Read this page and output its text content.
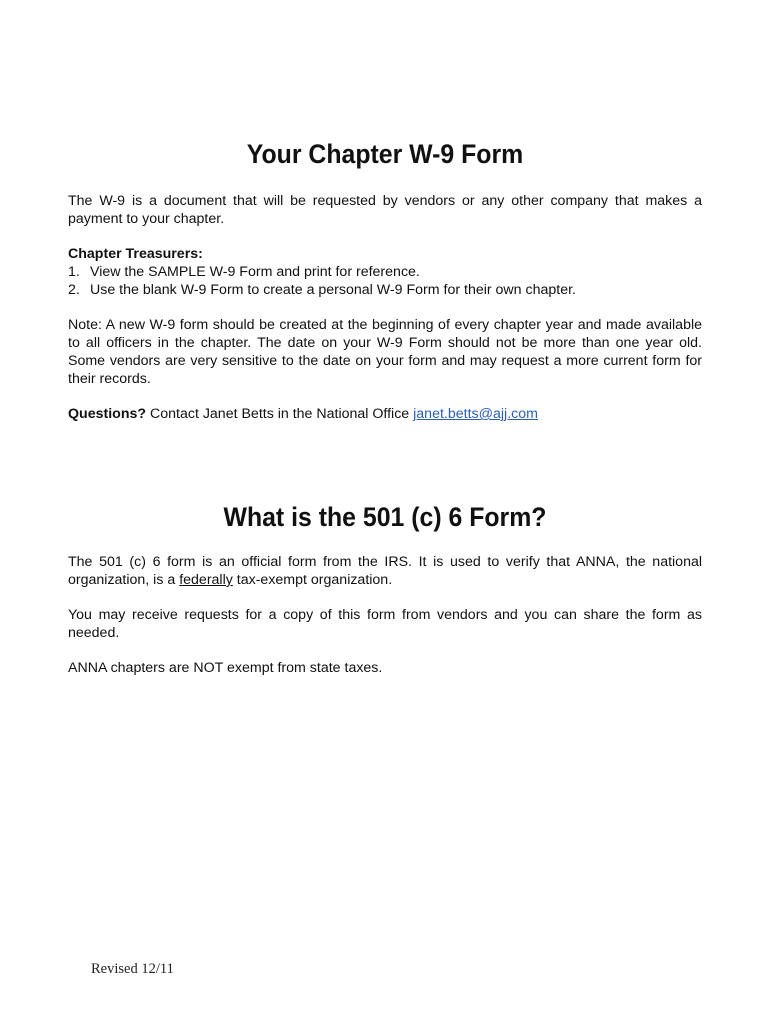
Your Chapter W-9 Form

The W-9 is a document that will be requested by vendors or any other company that makes a payment to your chapter.

Chapter Treasurers:
1. View the SAMPLE W-9 Form and print for reference.
2. Use the blank W-9 Form to create a personal W-9 Form for their own chapter.

Note: A new W-9 form should be created at the beginning of every chapter year and made available to all officers in the chapter. The date on your W-9 Form should not be more than one year old. Some vendors are very sensitive to the date on your form and may request a more current form for their records.

Questions? Contact Janet Betts in the National Office janet.betts@ajj.com

What is the 501 (c) 6 Form?

The 501 (c) 6 form is an official form from the IRS. It is used to verify that ANNA, the national organization, is a federally tax-exempt organization.

You may receive requests for a copy of this form from vendors and you can share the form as needed.

ANNA chapters are NOT exempt from state taxes.

Revised 12/11
